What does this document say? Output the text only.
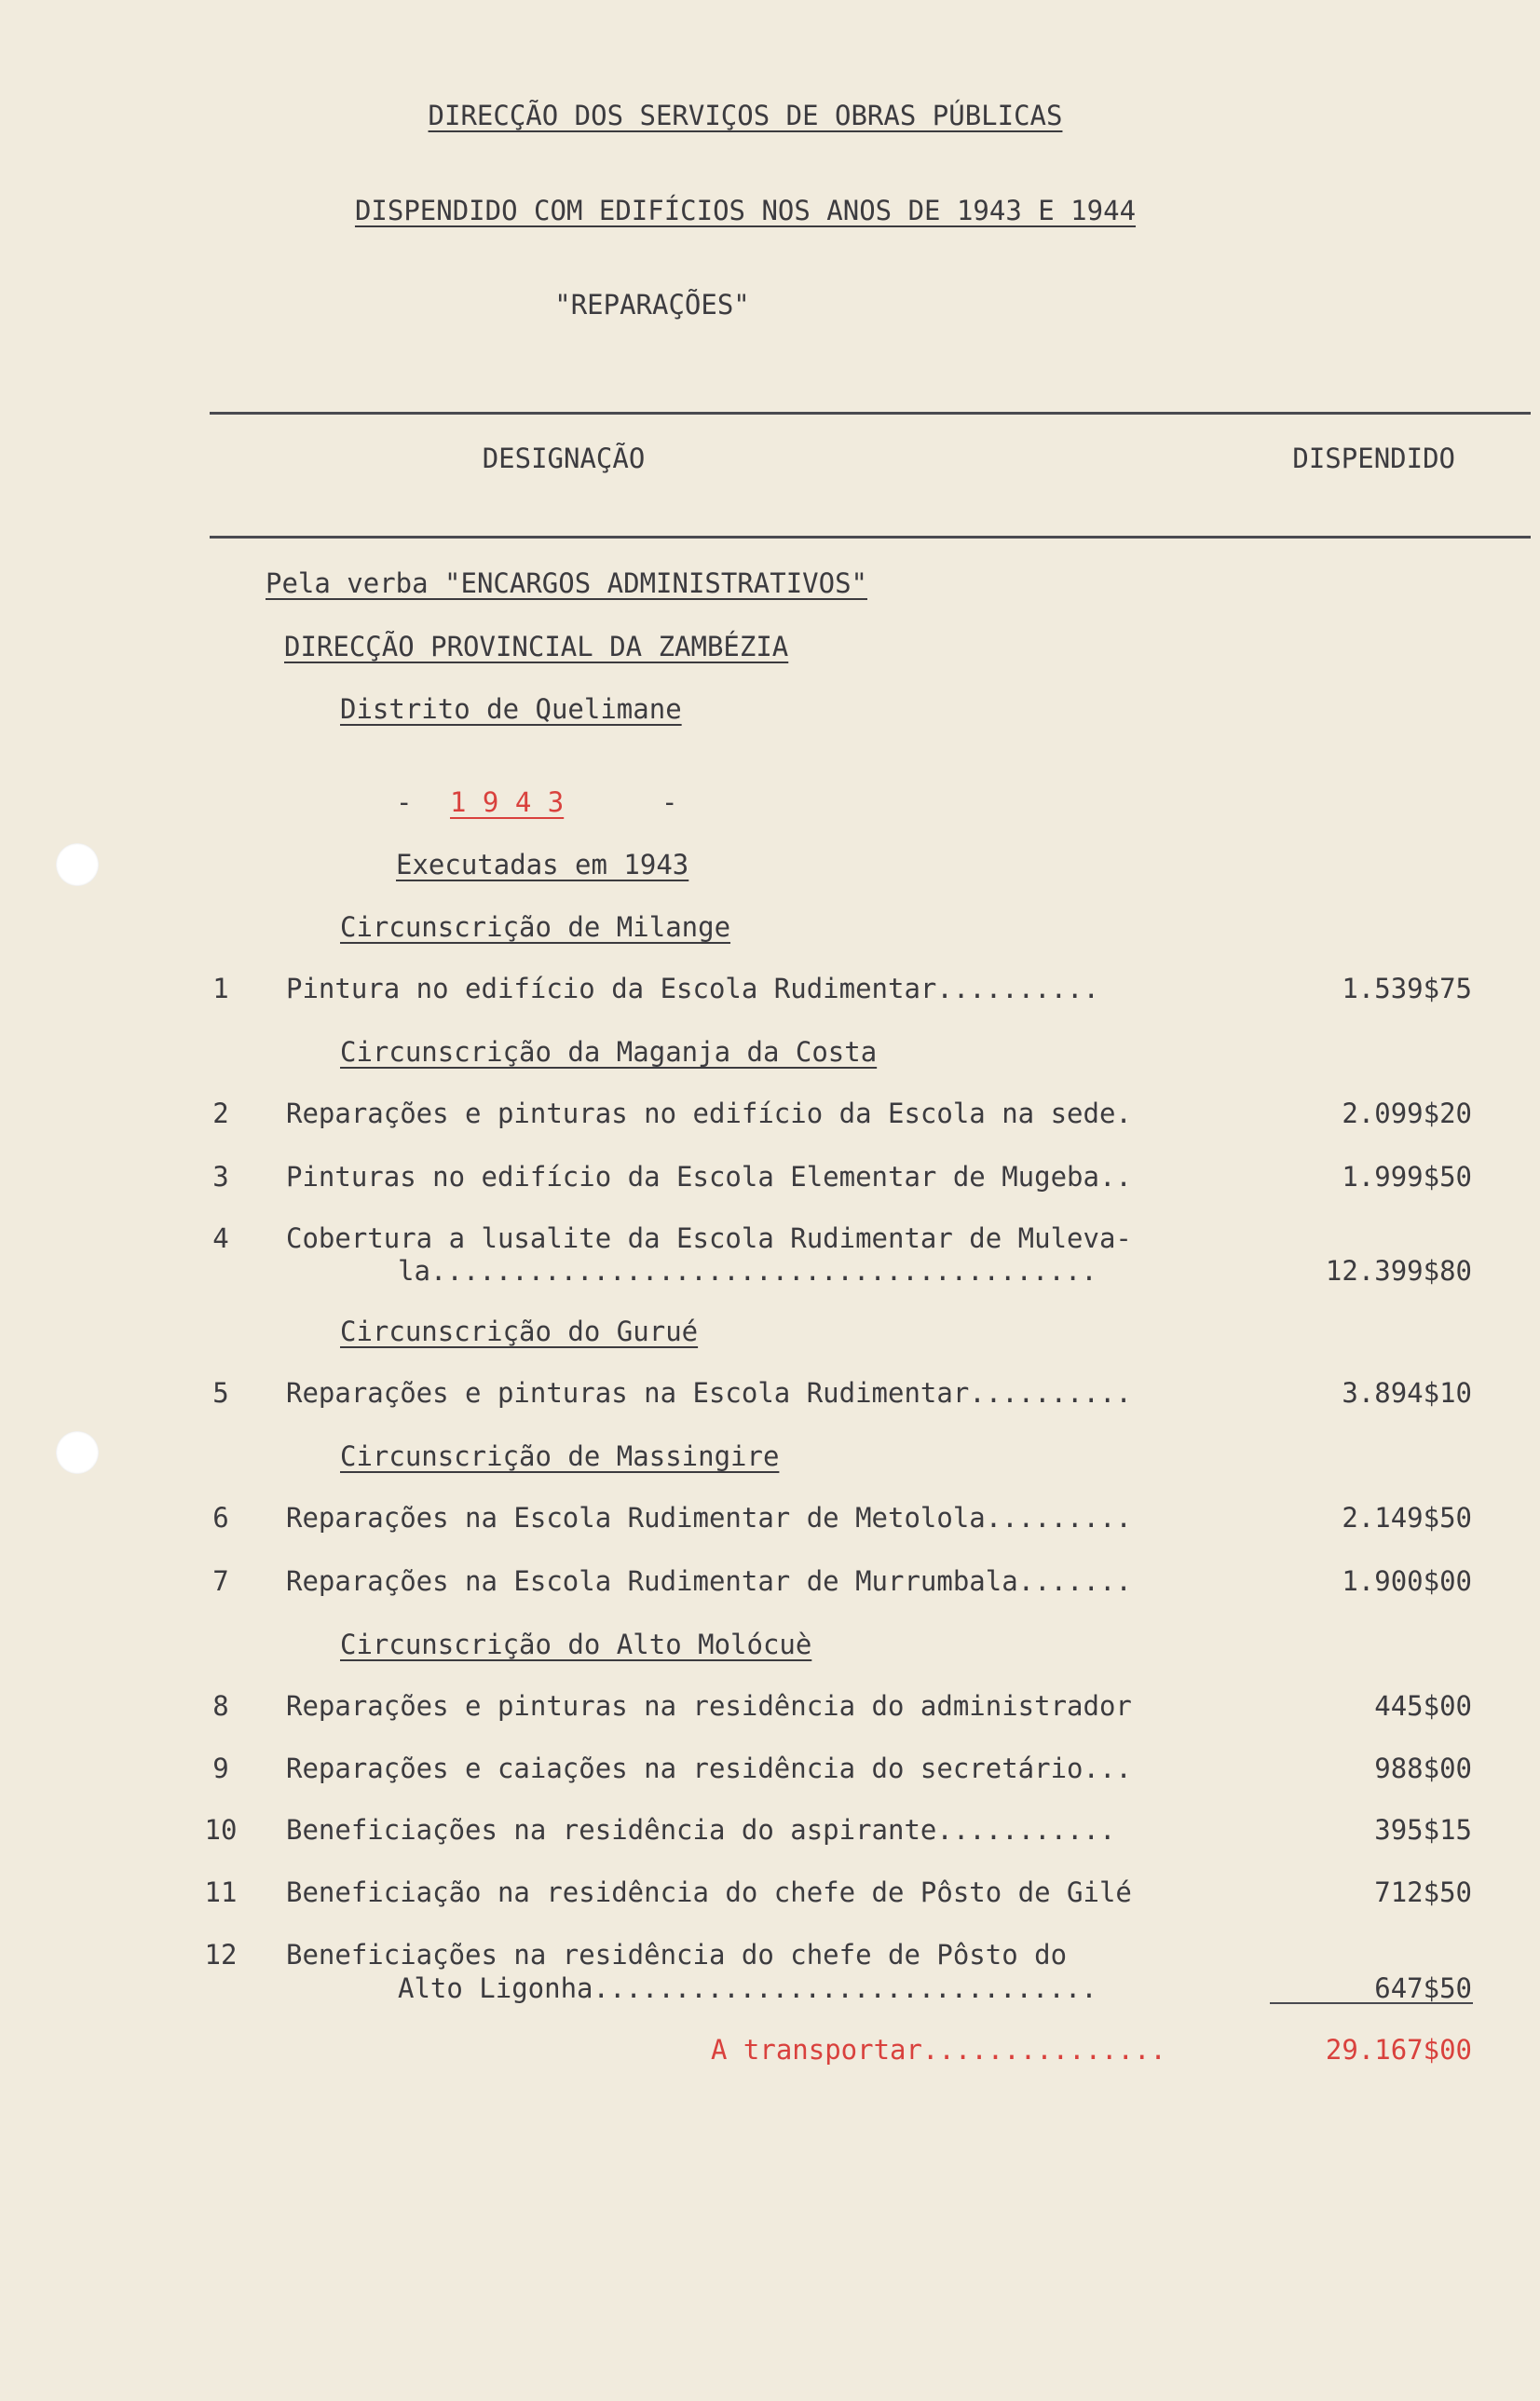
DIRECÇÃO DOS SERVIÇOS DE OBRAS PÚBLICAS
DISPENDIDO COM EDIFÍCIOS NOS ANOS DE 1943 E 1944
"REPARAÇÕES"
DESIGNAÇÃO	DISPENDIDO
Pela verba "ENCARGOS ADMINISTRATIVOS"
DIRECÇÃO PROVINCIAL DA ZAMBÉZIA
Distrito de Quelimane
- 1 9 4 3	-
Executadas em 1943
Circunscrição de Milange
1	Pintura no edifício da Escola Rudimentar..........	1.539$75
Circunscrição da Maganja da Costa
2	Reparações e pinturas no edifício da Escola na sede.	2.099$20
3	Pinturas no edifício da Escola Elementar de Mugeba..	1.999$50
4	Cobertura a lusalite da Escola Rudimentar de Muleva-
la.........................................	12.399$80
Circunscrição do Gurué
5	Reparações e pinturas na Escola Rudimentar..........	3.894$10
Circunscrição de Massingire
6	Reparações na Escola Rudimentar de Metolola.........	2.149$50
7	Reparações na Escola Rudimentar de Murrumbala.......	1.900$00
Circunscrição do Alto Molócuè
8	Reparações e pinturas na residência do administrador	445$00
9	Reparações e caiações na residência do secretário...	988$00
10	Beneficiações na residência do aspirante...........	395$15
11	Beneficiação na residência do chefe de Pôsto de Gilé	712$50
12	Beneficiações na residência do chefe de Pôsto do
Alto Ligonha...............................	647$50
A transportar...............	29.167$00
